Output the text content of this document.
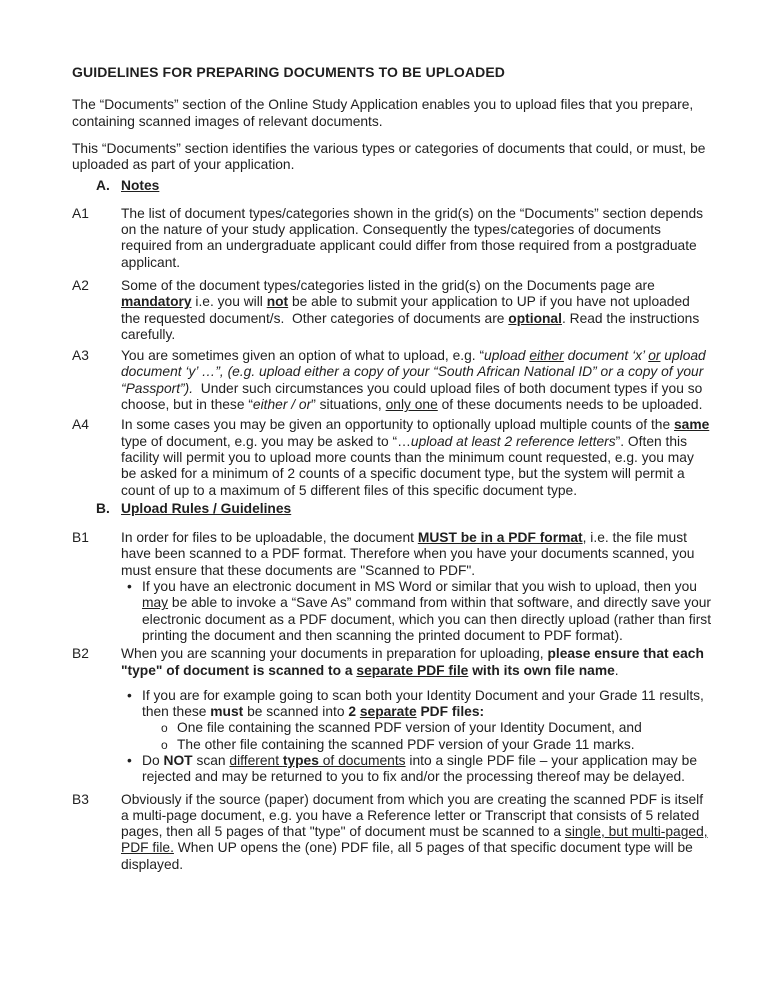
GUIDELINES FOR PREPARING DOCUMENTS TO BE UPLOADED

The “Documents” section of the Online Study Application enables you to upload files that you prepare, containing scanned images of relevant documents.

This “Documents” section identifies the various types or categories of documents that could, or must, be uploaded as part of your application.

A. Notes
A1	The list of document types/categories shown in the grid(s) on the “Documents” section depends on the nature of your study application. Consequently the types/categories of documents required from an undergraduate applicant could differ from those required from a postgraduate applicant.
A2	Some of the document types/categories listed in the grid(s) on the Documents page are mandatory i.e. you will not be able to submit your application to UP if you have not uploaded the requested document/s.  Other categories of documents are optional. Read the instructions carefully.
A3	You are sometimes given an option of what to upload, e.g. “upload either document ‘x’ or upload document ‘y’ …”, (e.g. upload either a copy of your “South African National ID” or a copy of your “Passport”).  Under such circumstances you could upload files of both document types if you so choose, but in these “either / or” situations, only one of these documents needs to be uploaded.
A4	In some cases you may be given an opportunity to optionally upload multiple counts of the same type of document, e.g. you may be asked to “…upload at least 2 reference letters”. Often this facility will permit you to upload more counts than the minimum count requested, e.g. you may be asked for a minimum of 2 counts of a specific document type, but the system will permit a count of up to a maximum of 5 different files of this specific document type.
B. Upload Rules / Guidelines
B1	In order for files to be uploadable, the document MUST be in a PDF format, i.e. the file must have been scanned to a PDF format. Therefore when you have your documents scanned, you must ensure that these documents are "Scanned to PDF".
• If you have an electronic document in MS Word or similar that you wish to upload, then you may be able to invoke a “Save As” command from within that software, and directly save your electronic document as a PDF document, which you can then directly upload (rather than first printing the document and then scanning the printed document to PDF format).
B2	When you are scanning your documents in preparation for uploading, please ensure that each "type" of document is scanned to a separate PDF file with its own file name.
• If you are for example going to scan both your Identity Document and your Grade 11 results, then these must be scanned into 2 separate PDF files:
o One file containing the scanned PDF version of your Identity Document, and
o The other file containing the scanned PDF version of your Grade 11 marks.
• Do NOT scan different types of documents into a single PDF file – your application may be rejected and may be returned to you to fix and/or the processing thereof may be delayed.
B3	Obviously if the source (paper) document from which you are creating the scanned PDF is itself a multi-page document, e.g. you have a Reference letter or Transcript that consists of 5 related pages, then all 5 pages of that "type" of document must be scanned to a single, but multi-paged, PDF file. When UP opens the (one) PDF file, all 5 pages of that specific document type will be displayed.
